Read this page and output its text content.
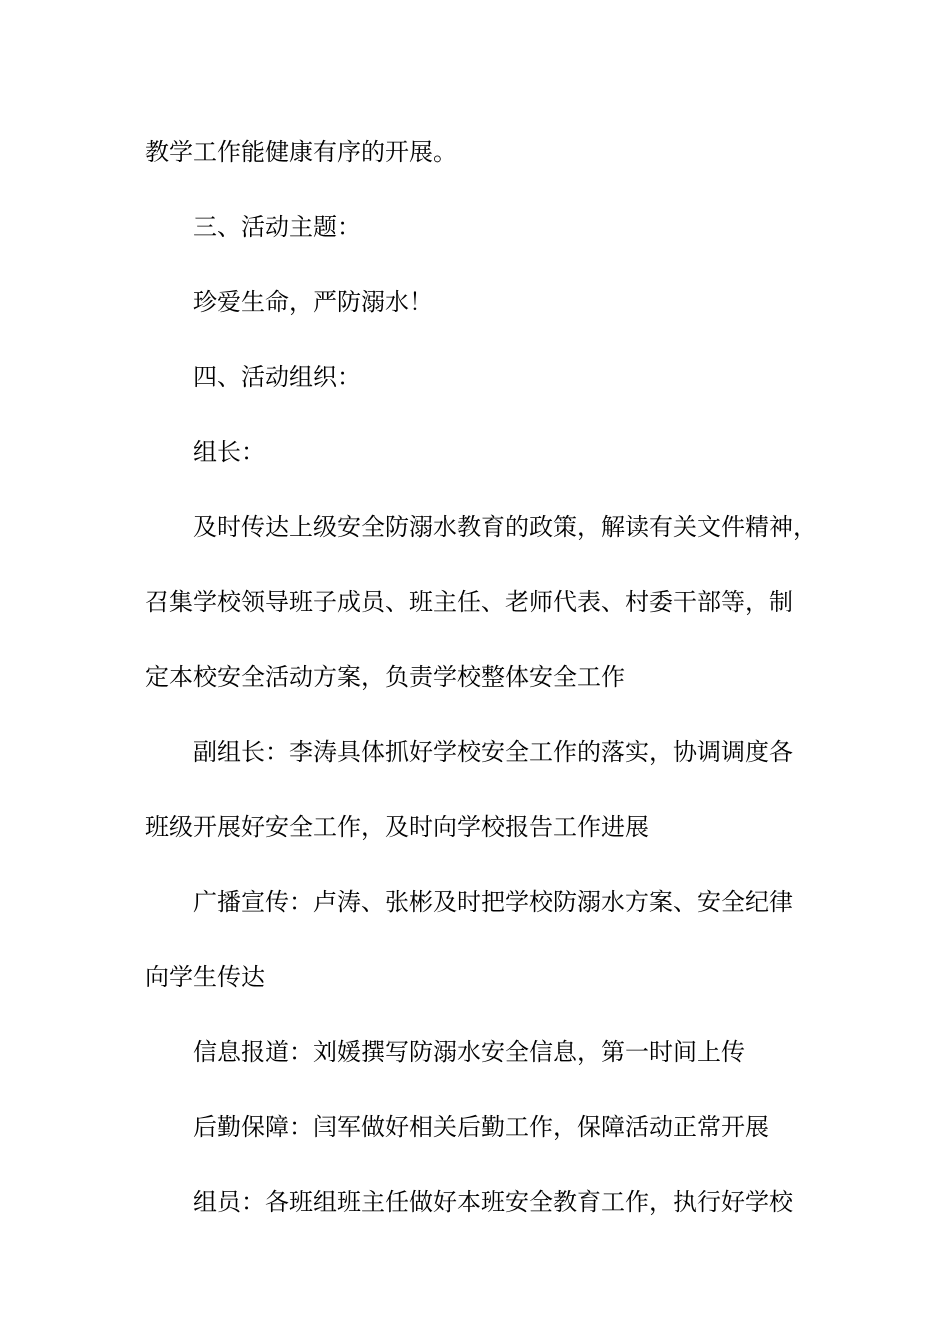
教学工作能健康有序的开展。
三、活动主题：
珍爱生命，严防溺水！
四、活动组织：
组长：
及时传达上级安全防溺水教育的政策，解读有关文件精神，
召集学校领导班子成员、班主任、老师代表、村委干部等，制
定本校安全活动方案，负责学校整体安全工作
副组长：李涛具体抓好学校安全工作的落实，协调调度各
班级开展好安全工作，及时向学校报告工作进展
广播宣传：卢涛、张彬及时把学校防溺水方案、安全纪律
向学生传达
信息报道：刘媛撰写防溺水安全信息，第一时间上传
后勤保障：闫军做好相关后勤工作，保障活动正常开展
组员：各班组班主任做好本班安全教育工作，执行好学校
